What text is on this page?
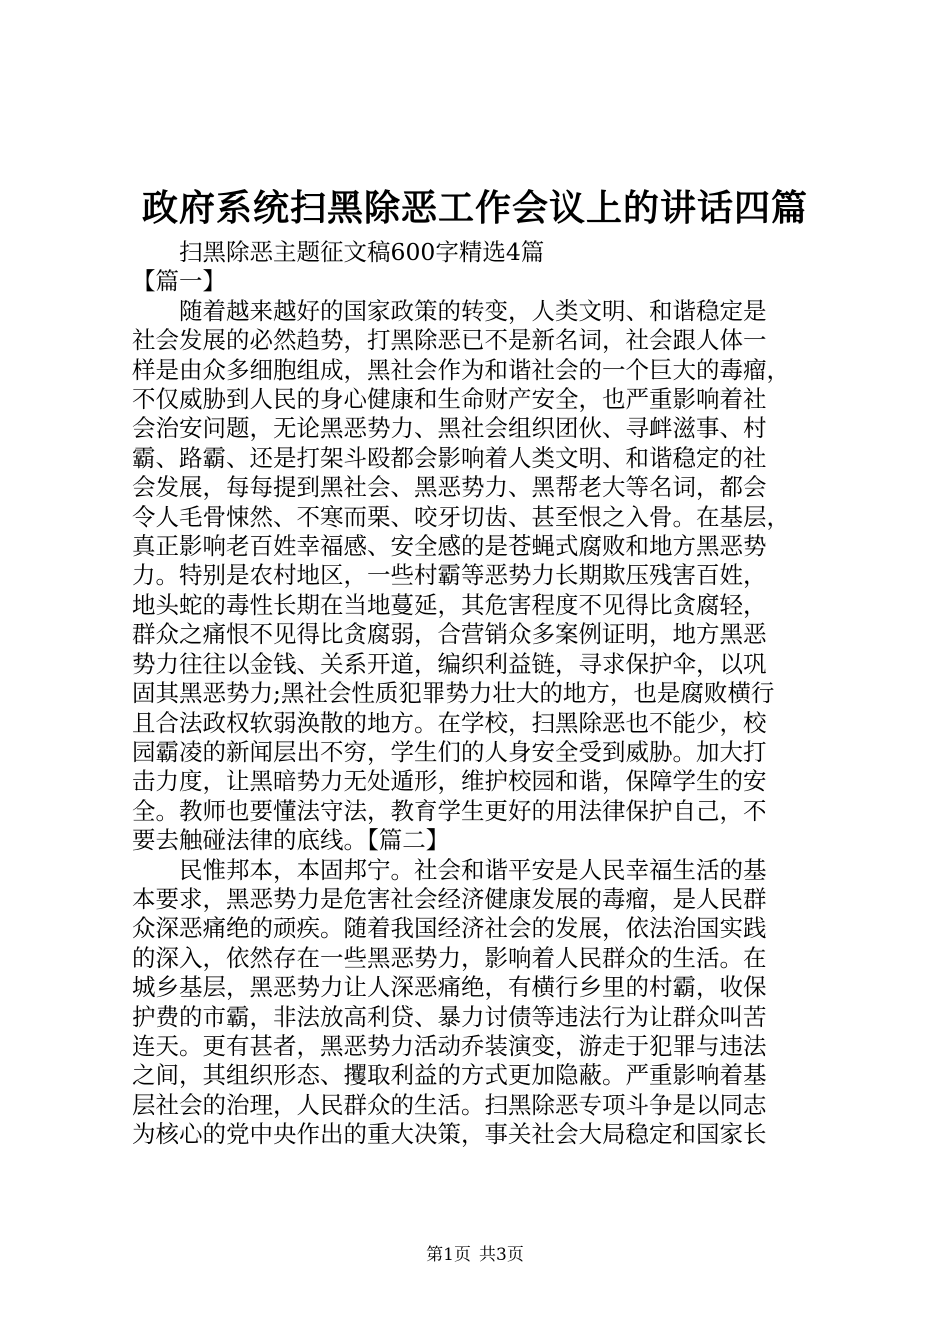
政府系统扫黑除恶工作会议上的讲话四篇

扫黑除恶主题征文稿600字精选4篇

【篇一】

随着越来越好的国家政策的转变，人类文明、和谐稳定是

社会发展的必然趋势，打黑除恶已不是新名词，社会跟人体一

样是由众多细胞组成，黑社会作为和谐社会的一个巨大的毒瘤，

不仅威胁到人民的身心健康和生命财产安全，也严重影响着社

会治安问题，无论黑恶势力、黑社会组织团伙、寻衅滋事、村

霸、路霸、还是打架斗殴都会影响着人类文明、和谐稳定的社

会发展，每每提到黑社会、黑恶势力、黑帮老大等名词，都会

令人毛骨悚然、不寒而栗、咬牙切齿、甚至恨之入骨。在基层，

真正影响老百姓幸福感、安全感的是苍蝇式腐败和地方黑恶势

力。特别是农村地区，一些村霸等恶势力长期欺压残害百姓，

地头蛇的毒性长期在当地蔓延，其危害程度不见得比贪腐轻，

群众之痛恨不见得比贪腐弱，合营销众多案例证明，地方黑恶

势力往往以金钱、关系开道，编织利益链，寻求保护伞，以巩

固其黑恶势力;黑社会性质犯罪势力壮大的地方，也是腐败横行

且合法政权软弱涣散的地方。在学校，扫黑除恶也不能少，校

园霸凌的新闻层出不穷，学生们的人身安全受到威胁。加大打

击力度，让黑暗势力无处遁形，维护校园和谐，保障学生的安

全。教师也要懂法守法，教育学生更好的用法律保护自己，不

要去触碰法律的底线。【篇二】

民惟邦本，本固邦宁。社会和谐平安是人民幸福生活的基

本要求，黑恶势力是危害社会经济健康发展的毒瘤，是人民群

众深恶痛绝的顽疾。随着我国经济社会的发展，依法治国实践

的深入，依然存在一些黑恶势力，影响着人民群众的生活。在

城乡基层，黑恶势力让人深恶痛绝，有横行乡里的村霸，收保

护费的市霸，非法放高利贷、暴力讨债等违法行为让群众叫苦

连天。更有甚者，黑恶势力活动乔装演变，游走于犯罪与违法

之间，其组织形态、攫取利益的方式更加隐蔽。严重影响着基

层社会的治理，人民群众的生活。扫黑除恶专项斗争是以同志

为核心的党中央作出的重大决策，事关社会大局稳定和国家长

第1页 共3页
